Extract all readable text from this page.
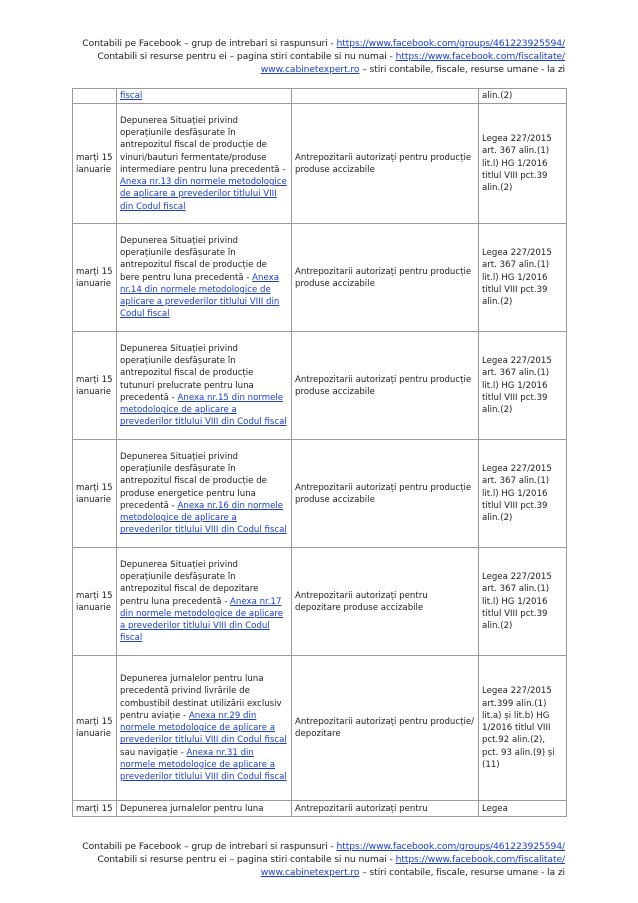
Contabili pe Facebook – grup de intrebari si raspunsuri - https://www.facebook.com/groups/461223925594/
Contabili si resurse pentru ei – pagina stiri contabile si nu numai - https://www.facebook.com/fiscalitate/
www.cabinetexpert.ro – stiri contabile, fiscale, resurse umane - la zi
	fiscal		alin.(2)
marți 15 ianuarie	Depunerea Situației privind operațiunile desfășurate în antrepozitul fiscal de producție de vinuri/bauturi fermentate/produse intermediare pentru luna precedentă - Anexa nr.13 din normele metodologice de aplicare a prevederilor titlului VIII din Codul fiscal	Antrepozitarii autorizați pentru producție produse accizabile	Legea 227/2015 art. 367 alin.(1) lit.l) HG 1/2016 titlul VIII pct.39 alin.(2)
marți 15 ianuarie	Depunerea Situației privind operațiunile desfășurate în antrepozitul fiscal de producție de bere pentru luna precedentă - Anexa nr.14 din normele metodologice de aplicare a prevederilor titlului VIII din Codul fiscal	Antrepozitarii autorizați pentru producție produse accizabile	Legea 227/2015 art. 367 alin.(1) lit.l) HG 1/2016 titlul VIII pct.39 alin.(2)
marți 15 ianuarie	Depunerea Situației privind operațiunile desfășurate în antrepozitul fiscal de producție tutunuri prelucrate pentru luna precedentă - Anexa nr.15 din normele metodologice de aplicare a prevederilor titlului VIII din Codul fiscal	Antrepozitarii autorizați pentru producție produse accizabile	Legea 227/2015 art. 367 alin.(1) lit.l) HG 1/2016 titlul VIII pct.39 alin.(2)
marți 15 ianuarie	Depunerea Situației privind operațiunile desfășurate în antrepozitul fiscal de producție de produse energetice pentru luna precedentă - Anexa nr.16 din normele metodologice de aplicare a prevederilor titlului VIII din Codul fiscal	Antrepozitarii autorizați pentru producție produse accizabile	Legea 227/2015 art. 367 alin.(1) lit.l) HG 1/2016 titlul VIII pct.39 alin.(2)
marți 15 ianuarie	Depunerea Situației privind operațiunile desfășurate în antrepozitul fiscal de depozitare pentru luna precedentă - Anexa nr.17 din normele metodologice de aplicare a prevederilor titlului VIII din Codul fiscal	Antrepozitarii autorizați pentru depozitare produse accizabile	Legea 227/2015 art. 367 alin.(1) lit.l) HG 1/2016 titlul VIII pct.39 alin.(2)
marți 15 ianuarie	Depunerea jurnalelor pentru luna precedentă privind livrările de combustibil destinat utilizării exclusiv pentru aviație - Anexa nr.29 din normele metodologice de aplicare a prevederilor titlului VIII din Codul fiscal sau navigație - Anexa nr.31 din normele metodologice de aplicare a prevederilor titlului VIII din Codul fiscal	Antrepozitarii autorizați pentru producție/ depozitare	Legea 227/2015 art.399 alin.(1) lit.a) și lit.b) HG 1/2016 titlul VIII pct.92 alin.(2), pct. 93 alin.(9) și (11)
marți 15	Depunerea jurnalelor pentru luna	Antrepozitarii autorizați pentru	Legea
Contabili pe Facebook – grup de intrebari si raspunsuri - https://www.facebook.com/groups/461223925594/
Contabili si resurse pentru ei – pagina stiri contabile si nu numai - https://www.facebook.com/fiscalitate/
www.cabinetexpert.ro – stiri contabile, fiscale, resurse umane - la zi
